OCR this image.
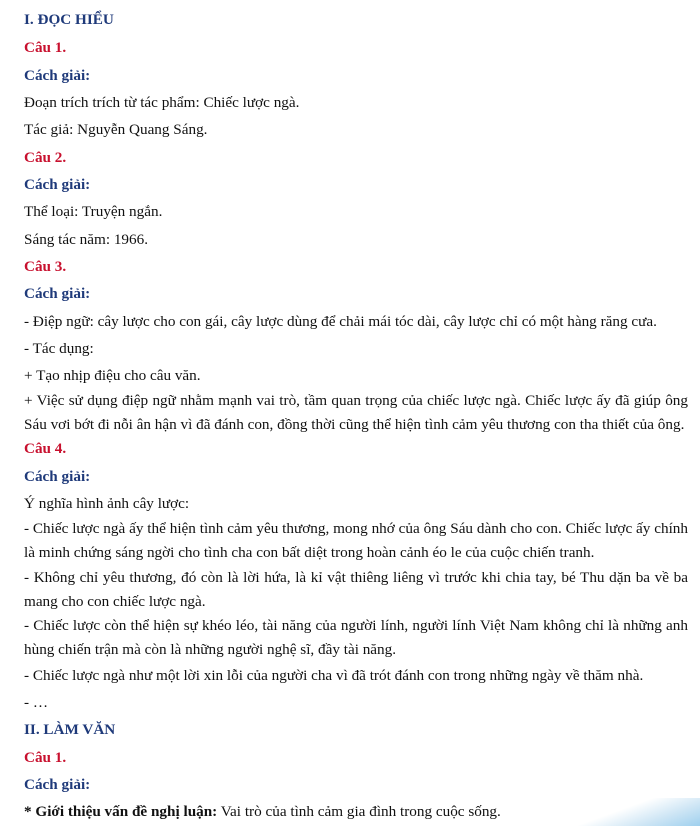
I. ĐỌC HIỂU
Câu 1.
Cách giải:
Đoạn trích trích từ tác phẩm: Chiếc lược ngà.
Tác giả: Nguyễn Quang Sáng.
Câu 2.
Cách giải:
Thể loại: Truyện ngắn.
Sáng tác năm: 1966.
Câu 3.
Cách giải:
- Điệp ngữ: cây lược cho con gái, cây lược dùng để chải mái tóc dài, cây lược chỉ có một hàng răng cưa.
- Tác dụng:
+ Tạo nhịp điệu cho câu văn.
+ Việc sử dụng điệp ngữ nhằm mạnh vai trò, tầm quan trọng của chiếc lược ngà. Chiếc lược ấy đã giúp ông Sáu vơi bớt đi nỗi ân hận vì đã đánh con, đồng thời cũng thể hiện tình cảm yêu thương con tha thiết của ông.
Câu 4.
Cách giải:
Ý nghĩa hình ảnh cây lược:
- Chiếc lược ngà ấy thể hiện tình cảm yêu thương, mong nhớ của ông Sáu dành cho con. Chiếc lược ấy chính là minh chứng sáng ngời cho tình cha con bất diệt trong hoàn cảnh éo le của cuộc chiến tranh.
- Không chỉ yêu thương, đó còn là lời hứa, là kỉ vật thiêng liêng vì trước khi chia tay, bé Thu dặn ba về ba mang cho con chiếc lược ngà.
- Chiếc lược còn thể hiện sự khéo léo, tài năng của người lính, người lính Việt Nam không chỉ là những anh hùng chiến trận mà còn là những người nghệ sĩ, đầy tài năng.
- Chiếc lược ngà như một lời xin lỗi của người cha vì đã trót đánh con trong những ngày về thăm nhà.
- …
II. LÀM VĂN
Câu 1.
Cách giải:
* Giới thiệu vấn đề nghị luận: Vai trò của tình cảm gia đình trong cuộc sống.
